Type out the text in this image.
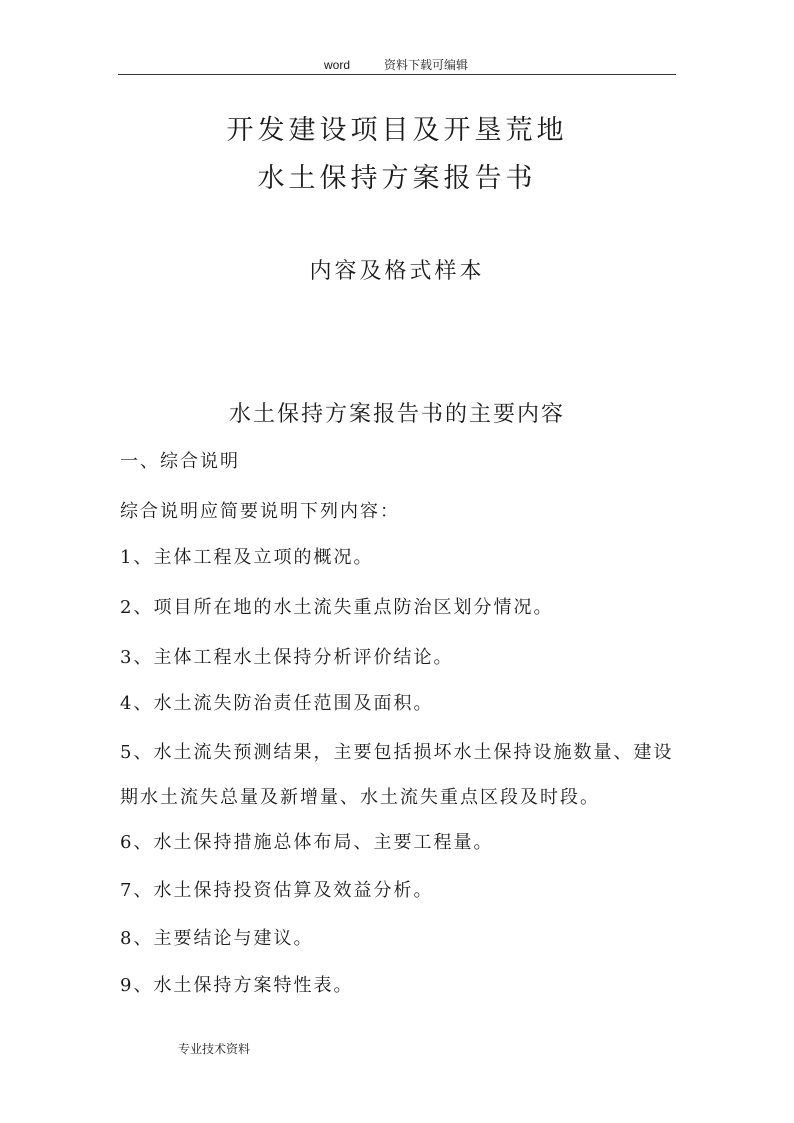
word	资料下载可编辑
开发建设项目及开垦荒地
水土保持方案报告书
内容及格式样本
水土保持方案报告书的主要内容
一、综合说明
综合说明应简要说明下列内容：
1、主体工程及立项的概况。
2、项目所在地的水土流失重点防治区划分情况。
3、主体工程水土保持分析评价结论。
4、水土流失防治责任范围及面积。
5、水土流失预测结果，主要包括损坏水土保持设施数量、建设
期水土流失总量及新增量、水土流失重点区段及时段。
6、水土保持措施总体布局、主要工程量。
7、水土保持投资估算及效益分析。
8、主要结论与建议。
9、水土保持方案特性表。
专业技术资料
